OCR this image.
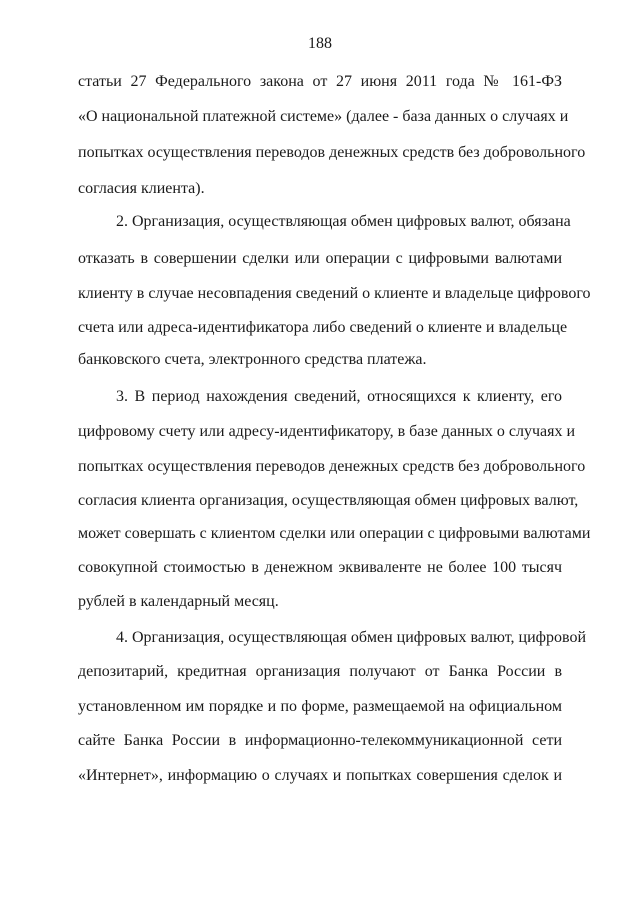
188
статьи 27 Федерального закона от 27 июня 2011 года № 161-ФЗ
«О национальной платежной системе» (далее - база данных о случаях и
попытках осуществления переводов денежных средств без добровольного
согласия клиента).
2. Организация, осуществляющая обмен цифровых валют, обязана
отказать в совершении сделки или операции с цифровыми валютами
клиенту в случае несовпадения сведений о клиенте и владельце цифрового
счета или адреса-идентификатора либо сведений о клиенте и владельце
банковского счета, электронного средства платежа.
3. В период нахождения сведений, относящихся к клиенту, его
цифровому счету или адресу-идентификатору, в базе данных о случаях и
попытках осуществления переводов денежных средств без добровольного
согласия клиента организация, осуществляющая обмен цифровых валют,
может совершать с клиентом сделки или операции с цифровыми валютами
совокупной стоимостью в денежном эквиваленте не более 100 тысяч
рублей в календарный месяц.
4. Организация, осуществляющая обмен цифровых валют, цифровой
депозитарий, кредитная организация получают от Банка России в
установленном им порядке и по форме, размещаемой на официальном
сайте Банка России в информационно-телекоммуникационной сети
«Интернет», информацию о случаях и попытках совершения сделок и
